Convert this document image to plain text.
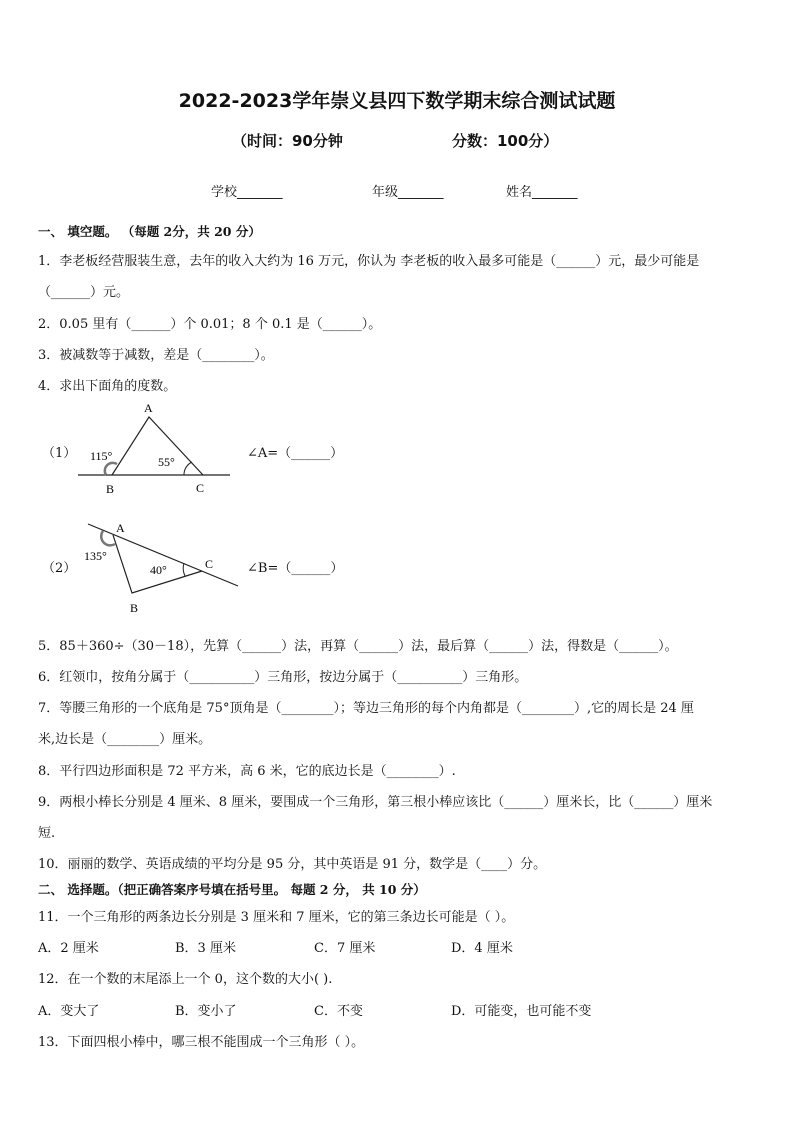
2022-2023学年崇义县四下数学期末综合测试试题
（时间：90分钟	分数：100分）
学校_______	年级_______	姓名_______
一、 填空题。 （每题 2分，共 20 分）
1．李老板经营服装生意，去年的收入大约为 16 万元，你认为 李老板的收入最多可能是（______）元，最少可能是
（______）元。
2．0.05 里有（______）个 0.01；8 个 0.1 是（______）。
3．被减数等于减数，差是（________）。
4．求出下面角的度数。
（1）
A
B	C
115°	55°
∠A=（______）
（2）
A
B
C
135°
40°	∠B=（______）
5．85＋360÷（30－18），先算（______）法，再算（______）法，最后算（______）法，得数是（______）。
6．红领巾，按角分属于（__________）三角形，按边分属于（__________）三角形。
7．等腰三角形的一个底角是 75°顶角是（________）；等边三角形的每个内角都是（________）,它的周长是 24 厘
米,边长是（________）厘米。
8．平行四边形面积是 72 平方米，高 6 米，它的底边长是（________）.
9．两根小棒长分别是 4 厘米、8 厘米，要围成一个三角形，第三根小棒应该比（______）厘米长，比（______）厘米
短.
10．丽丽的数学、英语成绩的平均分是 95 分，其中英语是 91 分，数学是（____）分。
二、 选择题。（把正确答案序号填在括号里。 每题 2 分， 共 10 分）
11．一个三角形的两条边长分别是 3 厘米和 7 厘米，它的第三条边长可能是（ ）。
A．2 厘米	B．3 厘米	C．7 厘米	D．4 厘米
12．在一个数的末尾添上一个 0，这个数的大小( ).
A．变大了	B．变小了	C．不变	D．可能变，也可能不变
13．下面四根小棒中，哪三根不能围成一个三角形（ ）。
